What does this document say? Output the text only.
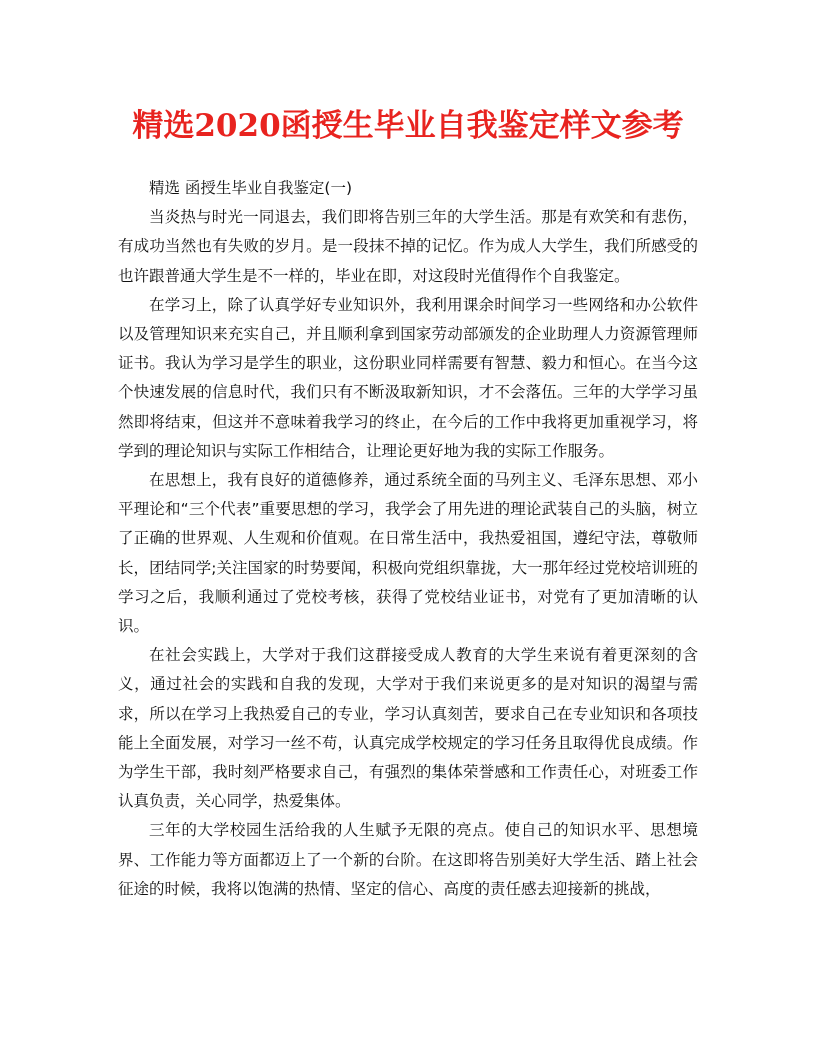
精选2020函授生毕业自我鉴定样文参考

精选 函授生毕业自我鉴定(一)

当炎热与时光一同退去，我们即将告别三年的大学生活。那是有欢笑和有悲伤，有成功当然也有失败的岁月。是一段抹不掉的记忆。作为成人大学生，我们所感受的也许跟普通大学生是不一样的，毕业在即，对这段时光值得作个自我鉴定。

在学习上，除了认真学好专业知识外，我利用课余时间学习一些网络和办公软件以及管理知识来充实自己，并且顺利拿到国家劳动部颁发的企业助理人力资源管理师证书。我认为学习是学生的职业，这份职业同样需要有智慧、毅力和恒心。在当今这个快速发展的信息时代，我们只有不断汲取新知识，才不会落伍。三年的大学学习虽然即将结束，但这并不意味着我学习的终止，在今后的工作中我将更加重视学习，将学到的理论知识与实际工作相结合，让理论更好地为我的实际工作服务。

在思想上，我有良好的道德修养，通过系统全面的马列主义、毛泽东思想、邓小平理论和“三个代表”重要思想的学习，我学会了用先进的理论武装自己的头脑，树立了正确的世界观、人生观和价值观。在日常生活中，我热爱祖国，遵纪守法，尊敬师长，团结同学;关注国家的时势要闻，积极向党组织靠拢，大一那年经过党校培训班的学习之后，我顺利通过了党校考核，获得了党校结业证书，对党有了更加清晰的认识。

在社会实践上，大学对于我们这群接受成人教育的大学生来说有着更深刻的含义，通过社会的实践和自我的发现，大学对于我们来说更多的是对知识的渴望与需求，所以在学习上我热爱自己的专业，学习认真刻苦，要求自己在专业知识和各项技能上全面发展，对学习一丝不苟，认真完成学校规定的学习任务且取得优良成绩。作为学生干部，我时刻严格要求自己，有强烈的集体荣誉感和工作责任心，对班委工作认真负责，关心同学，热爱集体。

三年的大学校园生活给我的人生赋予无限的亮点。使自己的知识水平、思想境界、工作能力等方面都迈上了一个新的台阶。在这即将告别美好大学生活、踏上社会征途的时候，我将以饱满的热情、坚定的信心、高度的责任感去迎接新的挑战，
